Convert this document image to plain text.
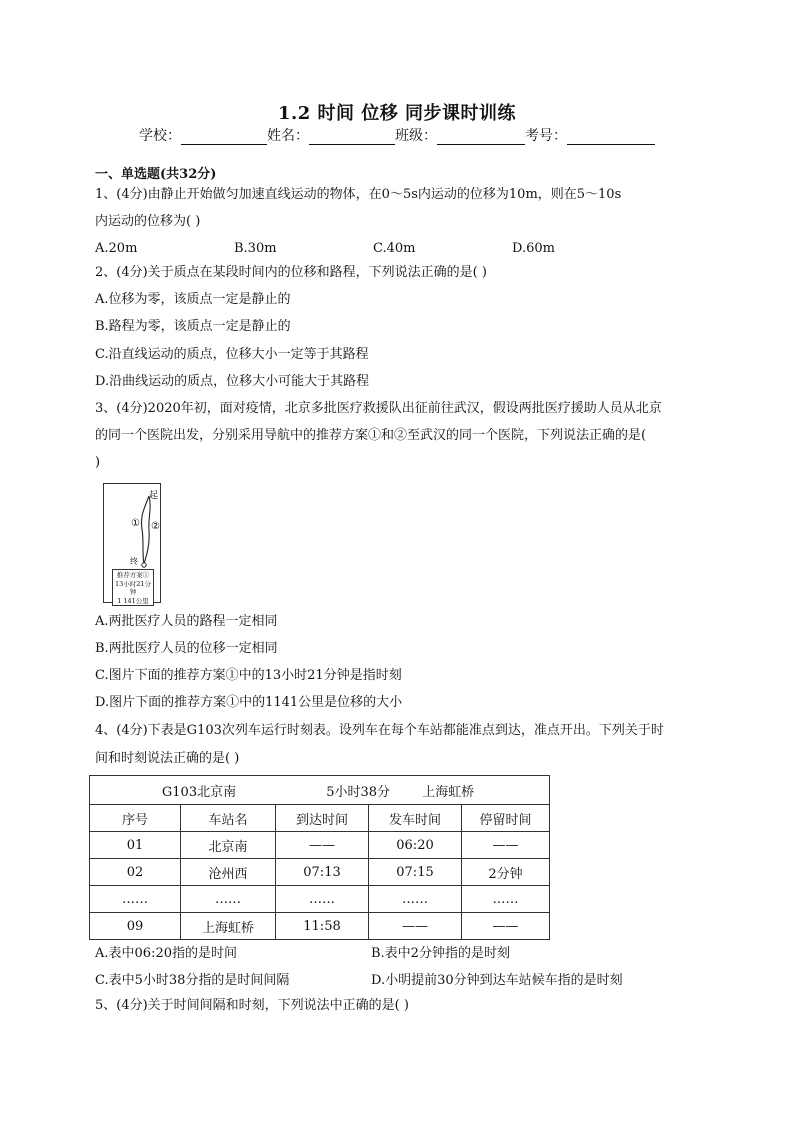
1.2 时间 位移 同步课时训练
学校：	姓名：	班级：	考号：
一、单选题(共32分)
1、(4分)由静止开始做匀加速直线运动的物体，在0～5s内运动的位移为10m，则在5～10s
内运动的位移为( )
A.20m	B.30m	C.40m	D.60m
2、(4分)关于质点在某段时间内的位移和路程，下列说法正确的是( )
A.位移为零，该质点一定是静止的
B.路程为零，该质点一定是静止的
C.沿直线运动的质点，位移大小一定等于其路程
D.沿曲线运动的质点，位移大小可能大于其路程
3、(4分)2020年初，面对疫情，北京多批医疗救援队出征前往武汉，假设两批医疗援助人员从北京
的同一个医院出发，分别采用导航中的推荐方案①和②至武汉的同一个医院，下列说法正确的是(
)
起
① ②
终
推荐方案①
13小时21分钟
1 141公里
A.两批医疗人员的路程一定相同
B.两批医疗人员的位移一定相同
C.图片下面的推荐方案①中的13小时21分钟是指时刻
D.图片下面的推荐方案①中的1141公里是位移的大小
4、(4分)下表是G103次列车运行时刻表。设列车在每个车站都能准点到达，准点开出。下列关于时
间和时刻说法正确的是( )
G103北京南 5小时38分 上海虹桥				
序号	车站名	到达时间	发车时间	停留时间
01	北京南	——	06:20	——
02	沧州西	07:13	07:15	2分钟
……	……	……	……	……
09	上海虹桥	11:58	——	——
A.表中06:20指的是时间	B.表中2分钟指的是时刻
C.表中5小时38分指的是时间间隔	D.小明提前30分钟到达车站候车指的是时刻
5、(4分)关于时间间隔和时刻，下列说法中正确的是( )
